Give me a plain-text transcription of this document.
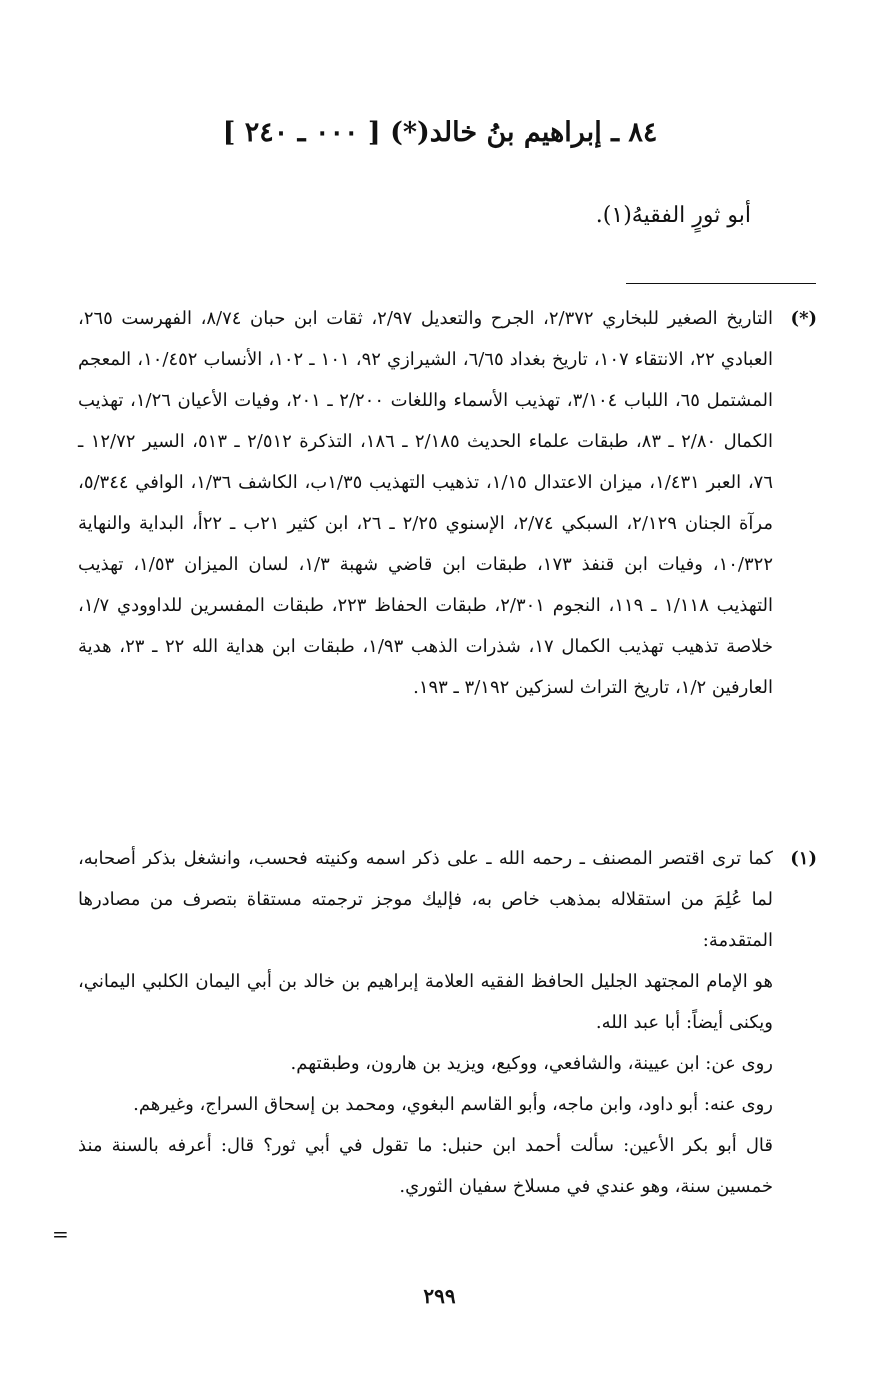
٨٤ ـ إبراهيم بنُ خالد(*) [ ٠٠٠ ـ ٢٤٠ ]
أبو ثورٍ الفقيهُ(١).
(*)

التاريخ الصغير للبخاري ٢/٣٧٢، الجرح والتعديل ٢/٩٧، ثقات ابن حبان ٨/٧٤، الفهرست ٢٦٥، العبادي ٢٢، الانتقاء ١٠٧، تاريخ بغداد ٦/٦٥، الشيرازي ٩٢، ١٠١ ـ ١٠٢، الأنساب ١٠/٤٥٢، المعجم المشتمل ٦٥، اللباب ٣/١٠٤، تهذيب الأسماء واللغات ٢/٢٠٠ ـ ٢٠١، وفيات الأعيان ١/٢٦، تهذيب الكمال ٢/٨٠ ـ ٨٣، طبقات علماء الحديث ٢/١٨٥ ـ ١٨٦، التذكرة ٢/٥١٢ ـ ٥١٣، السير ١٢/٧٢ ـ ٧٦، العبر ١/٤٣١، ميزان الاعتدال ١/١٥، تذهيب التهذيب ١/٣٥ب، الكاشف ١/٣٦، الوافي ٥/٣٤٤، مرآة الجنان ٢/١٢٩، السبكي ٢/٧٤، الإسنوي ٢/٢٥ ـ ٢٦، ابن كثير ٢١ب ـ ٢٢أ، البداية والنهاية ١٠/٣٢٢، وفيات ابن قنفذ ١٧٣، طبقات ابن قاضي شهبة ١/٣، لسان الميزان ١/٥٣، تهذيب التهذيب ١/١١٨ ـ ١١٩، النجوم ٢/٣٠١، طبقات الحفاظ ٢٢٣، طبقات المفسرين للداوودي ١/٧، خلاصة تذهيب تهذيب الكمال ١٧، شذرات الذهب ١/٩٣، طبقات ابن هداية الله ٢٢ ـ ٢٣، هدية العارفين ١/٢، تاريخ التراث لسزكين ٣/١٩٢ ـ ١٩٣.

(١)

كما ترى اقتصر المصنف ـ رحمه الله ـ على ذكر اسمه وكنيته فحسب، وانشغل بذكر أصحابه، لما عُلِمَ من استقلاله بمذهب خاص به، فإليك موجز ترجمته مستقاة بتصرف من مصادرها المتقدمة:

هو الإمام المجتهد الجليل الحافظ الفقيه العلامة إبراهيم بن خالد بن أبي اليمان الكلبي اليماني، ويكنى أيضاً: أبا عبد الله.

روى عن: ابن عيينة، والشافعي، ووكيع، ويزيد بن هارون، وطبقتهم.

روى عنه: أبو داود، وابن ماجه، وأبو القاسم البغوي، ومحمد بن إسحاق السراج، وغيرهم.

قال أبو بكر الأعين: سألت أحمد ابن حنبل: ما تقول في أبي ثور؟ قال: أعرفه بالسنة منذ خمسين سنة، وهو عندي في مسلاخ سفيان الثوري.

=
٢٩٩
